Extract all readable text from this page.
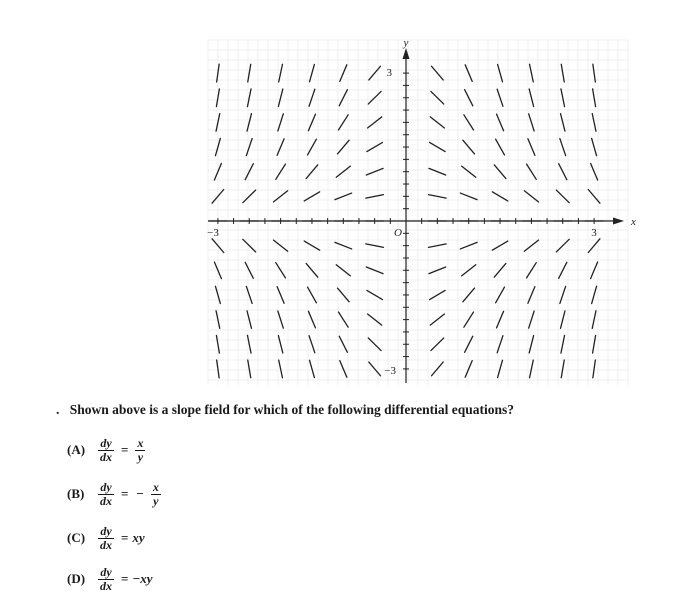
y
x
O
−3	3
3
−3
. Shown above is a slope field for which of the following differential equations?
(A)	$\frac{dy}{dx} = \frac{x}{y}$
(B)	$\frac{dy}{dx}$ = − $\frac{x}{y}$
(C)	$\frac{dy}{dx}$ = xy
(D)	$\frac{dy}{dx} = -xy$
